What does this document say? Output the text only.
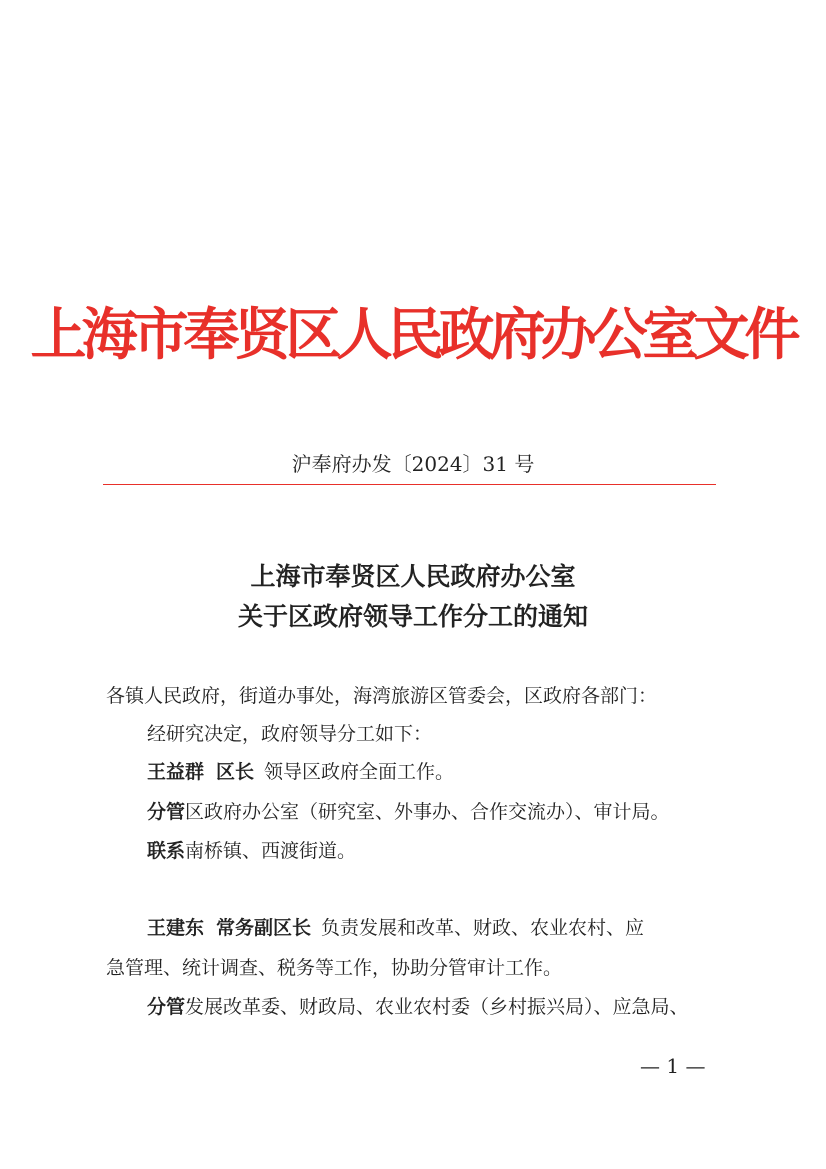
上海市奉贤区人民政府办公室文件
沪奉府办发〔2024〕31 号
上海市奉贤区人民政府办公室
关于区政府领导工作分工的通知
各镇人民政府，街道办事处，海湾旅游区管委会，区政府各部门：
经研究决定，政府领导分工如下：
王益群 区长 领导区政府全面工作。
分管区政府办公室（研究室、外事办、合作交流办）、审计局。
联系南桥镇、西渡街道。
王建东 常务副区长 负责发展和改革、财政、农业农村、应
急管理、统计调查、税务等工作，协助分管审计工作。
分管发展改革委、财政局、农业农村委（乡村振兴局）、应急局、
— 1 —
